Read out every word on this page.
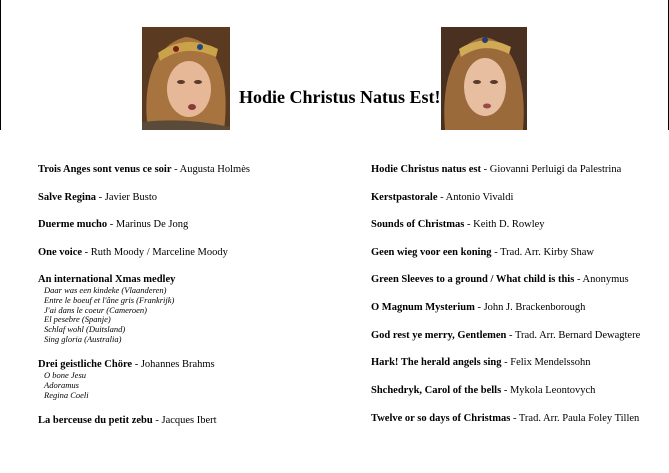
Hodie Christus Natus Est!
Trois Anges sont venus ce soir - Augusta Holmès
Salve Regina - Javier Busto
Duerme mucho - Marinus De Jong
One voice - Ruth Moody / Marceline Moody
An international Xmas medley
Daar was een kindeke (Vlaanderen)
Entre le boeuf et l'âne gris (Frankrijk)
J'ai dans le coeur (Cameroen)
El pesebre (Spanje)
Schlaf wohl (Duitsland)
Sing gloria (Australia)
Drei geistliche Chöre - Johannes Brahms
O bone Jesu
Adoramus
Regina Coeli
La berceuse du petit zebu - Jacques Ibert
Hodie Christus natus est - Giovanni Perluigi da Palestrina
Kerstpastorale - Antonio Vivaldi
Sounds of Christmas - Keith D. Rowley
Geen wieg voor een koning - Trad. Arr. Kirby Shaw
Green Sleeves to a ground / What child is this - Anonymus
O Magnum Mysterium - John J. Brackenborough
God rest ye merry, Gentlemen - Trad. Arr. Bernard Dewagtere
Hark! The herald angels sing - Felix Mendelssohn
Shchedryk, Carol of the bells - Mykola Leontovych
Twelve or so days of Christmas - Trad. Arr. Paula Foley Tillen
